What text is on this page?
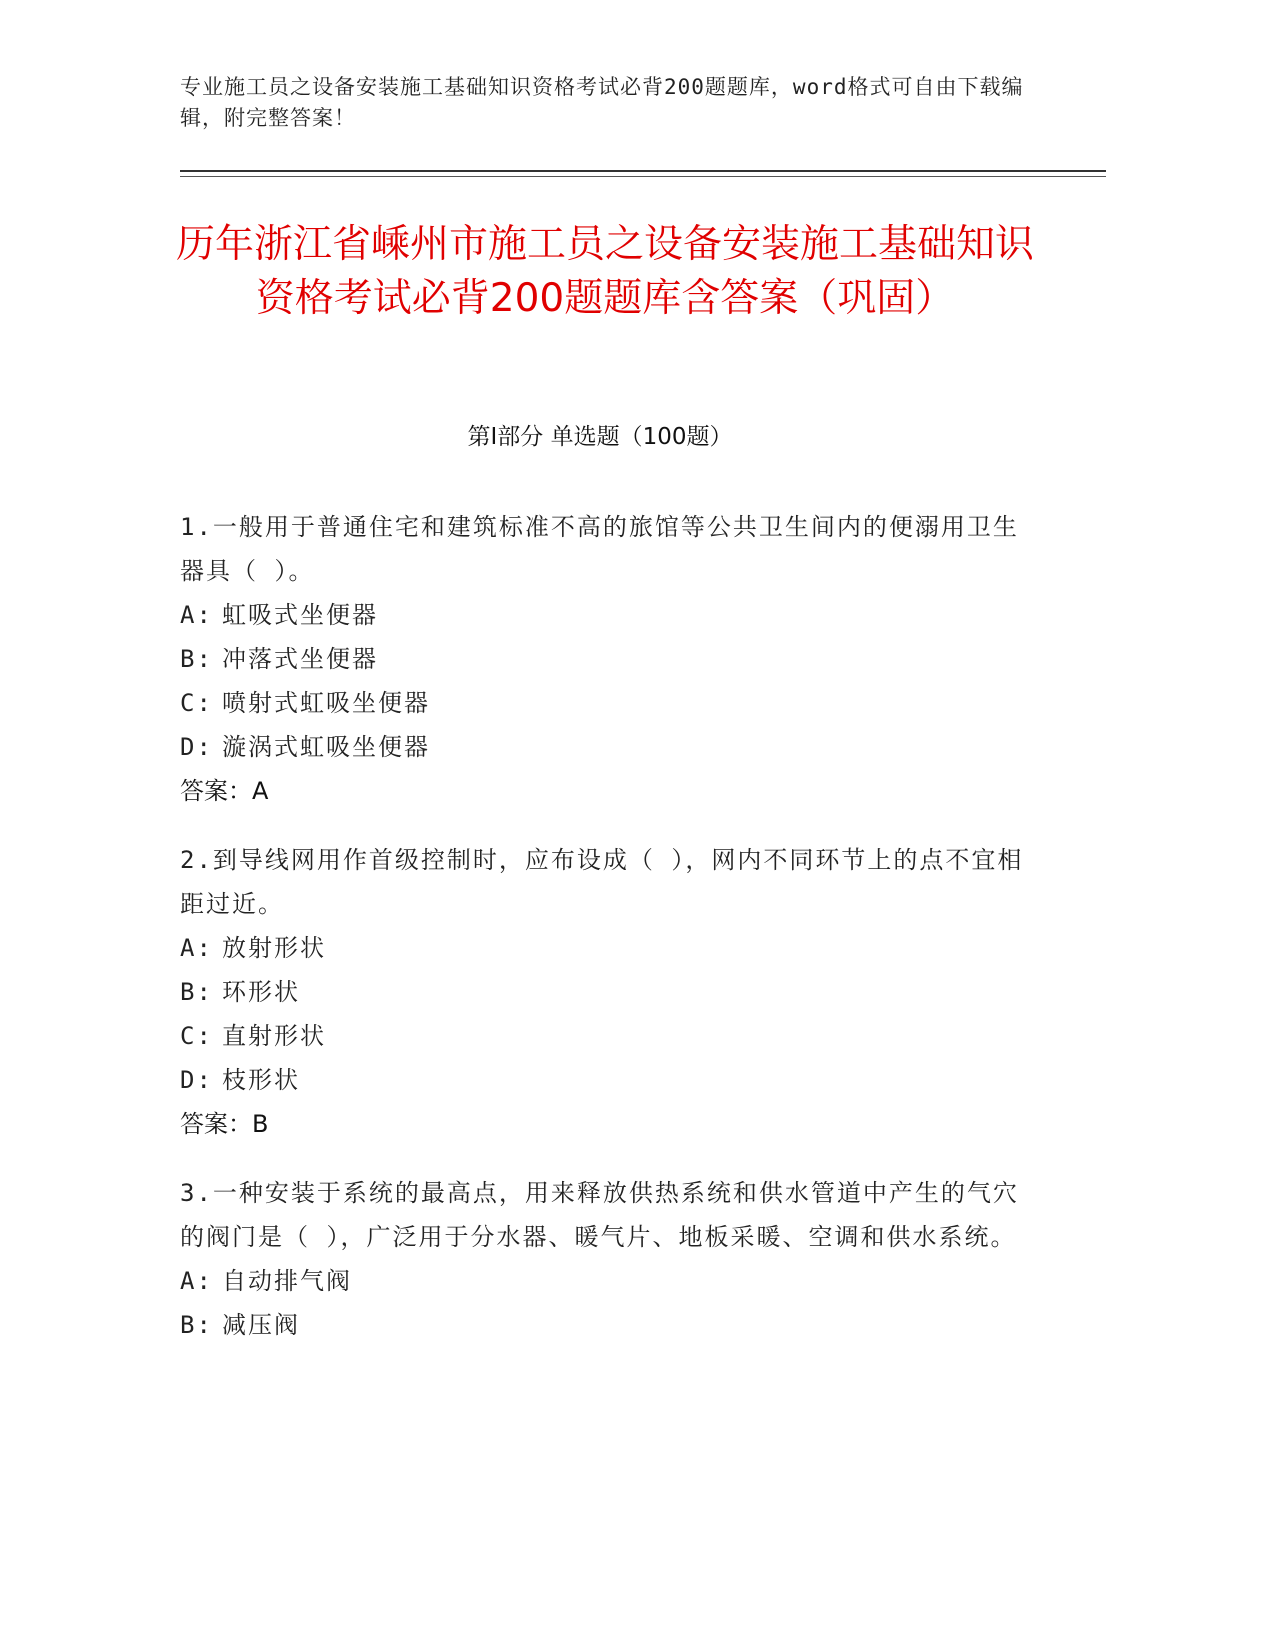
专业施工员之设备安装施工基础知识资格考试必背200题题库，word格式可自由下载编辑，附完整答案！
历年浙江省嵊州市施工员之设备安装施工基础知识资格考试必背200题题库含答案（巩固）
第Ⅰ部分 单选题（100题）
1.一般用于普通住宅和建筑标准不高的旅馆等公共卫生间内的便溺用卫生器具（ ）。
A: 虹吸式坐便器
B: 冲落式坐便器
C: 喷射式虹吸坐便器
D: 漩涡式虹吸坐便器
答案：A
2.到导线网用作首级控制时，应布设成（ ），网内不同环节上的点不宜相距过近。
A: 放射形状
B: 环形状
C: 直射形状
D: 枝形状
答案：B
3.一种安装于系统的最高点，用来释放供热系统和供水管道中产生的气穴的阀门是（ ），广泛用于分水器、暖气片、地板采暖、空调和供水系统。
A: 自动排气阀
B: 减压阀
